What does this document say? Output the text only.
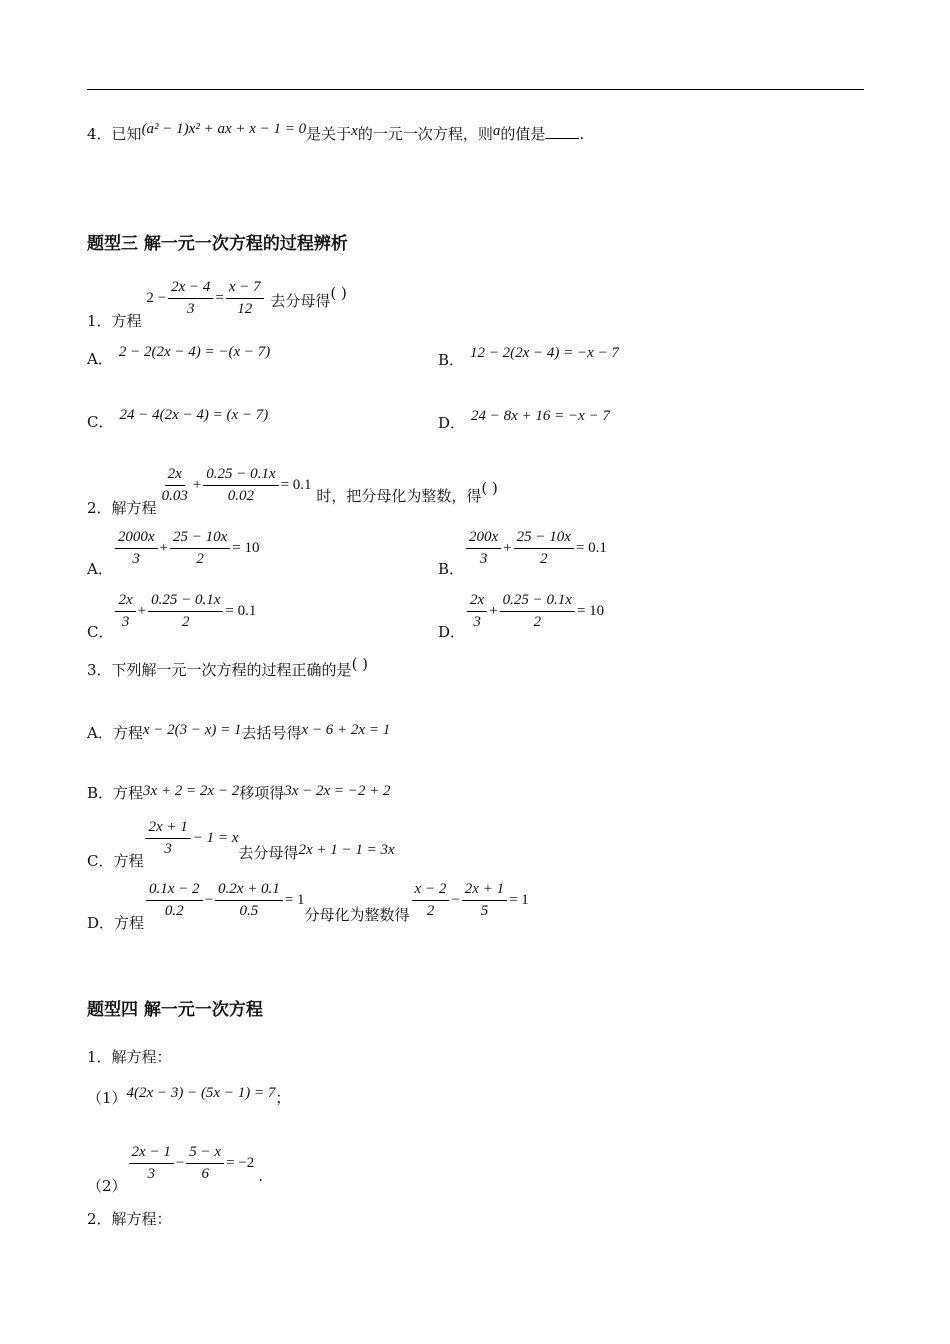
4．已知(a² − 1)x² + ax + x − 1 = 0是关于x的一元一次方程，则a的值是 .
题型三 解一元一次方程的过程辨析
1．方程 $2 - \frac{2x - 4}{3} = \frac{x - 7}{12}$ 去分母得( )
A． 2 − 2(2x − 4) = −(x − 7)	B． 12 − 2(2x − 4) = −x − 7
C． 24 − 4(2x − 4) = (x − 7)	D． 24 − 8x + 16 = −x − 7
2．解方程
$\frac{2x}{0.03} + \frac{0.25 - 0.1x}{0.02} = 0.1$ 时，把分母化为整数，得( )
A．
$\frac{2000x}{3} + \frac{25 - 10x}{2} = 10$
B．
$\frac{200x}{3} + \frac{25 - 10x}{2} = 0.1$
C．
$\frac{2x}{3} + \frac{0.25 - 0.1x}{2} = 0.1$
D．
$\frac{2x}{3} + \frac{0.25 - 0.1x}{2} = 10$
3．下列解一元一次方程的过程正确的是( )
A．方程x − 2(3 − x) = 1去括号得x − 6 + 2x = 1
B．方程3x + 2 = 2x − 2移项得3x − 2x = −2 + 2
C．方程
$\frac{2x + 1}{3} - 1 = x$去分母得2x + 1 − 1 = 3x
D．方程
$\frac{0.1x - 2}{0.2} - \frac{0.2x + 0.1}{0.5} = 1$分母化为整数得 $\frac{x - 2}{2} - \frac{2x + 1}{5} = 1$
题型四 解一元一次方程
1．解方程：
（1）4(2x − 3) − (5x − 1) = 7；
（2）
$\frac{2x - 1}{3} - \frac{5 - x}{6} = -2$.
2．解方程：
